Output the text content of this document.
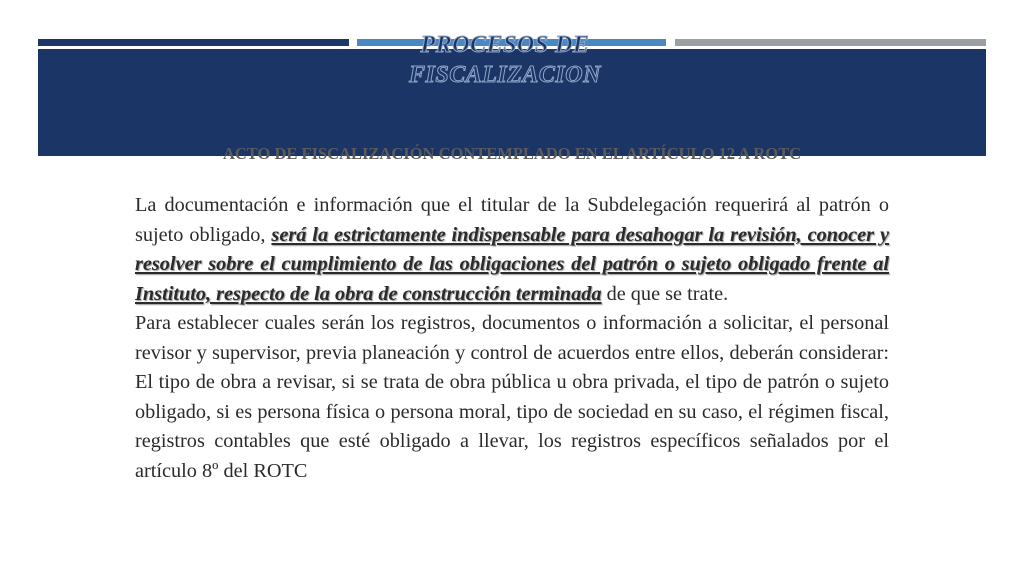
PROCESOS DE
FISCALIZACION
ACTO DE FISCALIZACIÓN CONTEMPLADO EN EL ARTÍCULO 12 A ROTC

La documentación e información que el titular de la Subdelegación requerirá al patrón o sujeto obligado, será la estrictamente indispensable para desahogar la revisión, conocer y resolver sobre el cumplimiento de las obligaciones del patrón o sujeto obligado frente al Instituto, respecto de la obra de construcción terminada de que se trate.

Para establecer cuales serán los registros, documentos o información a solicitar, el personal revisor y supervisor, previa planeación y control de acuerdos entre ellos, deberán considerar: El tipo de obra a revisar, si se trata de obra pública u obra privada, el tipo de patrón o sujeto obligado, si es persona física o persona moral, tipo de sociedad en su caso, el régimen fiscal, registros contables que esté obligado a llevar, los registros específicos señalados por el artículo 8º del ROTC
